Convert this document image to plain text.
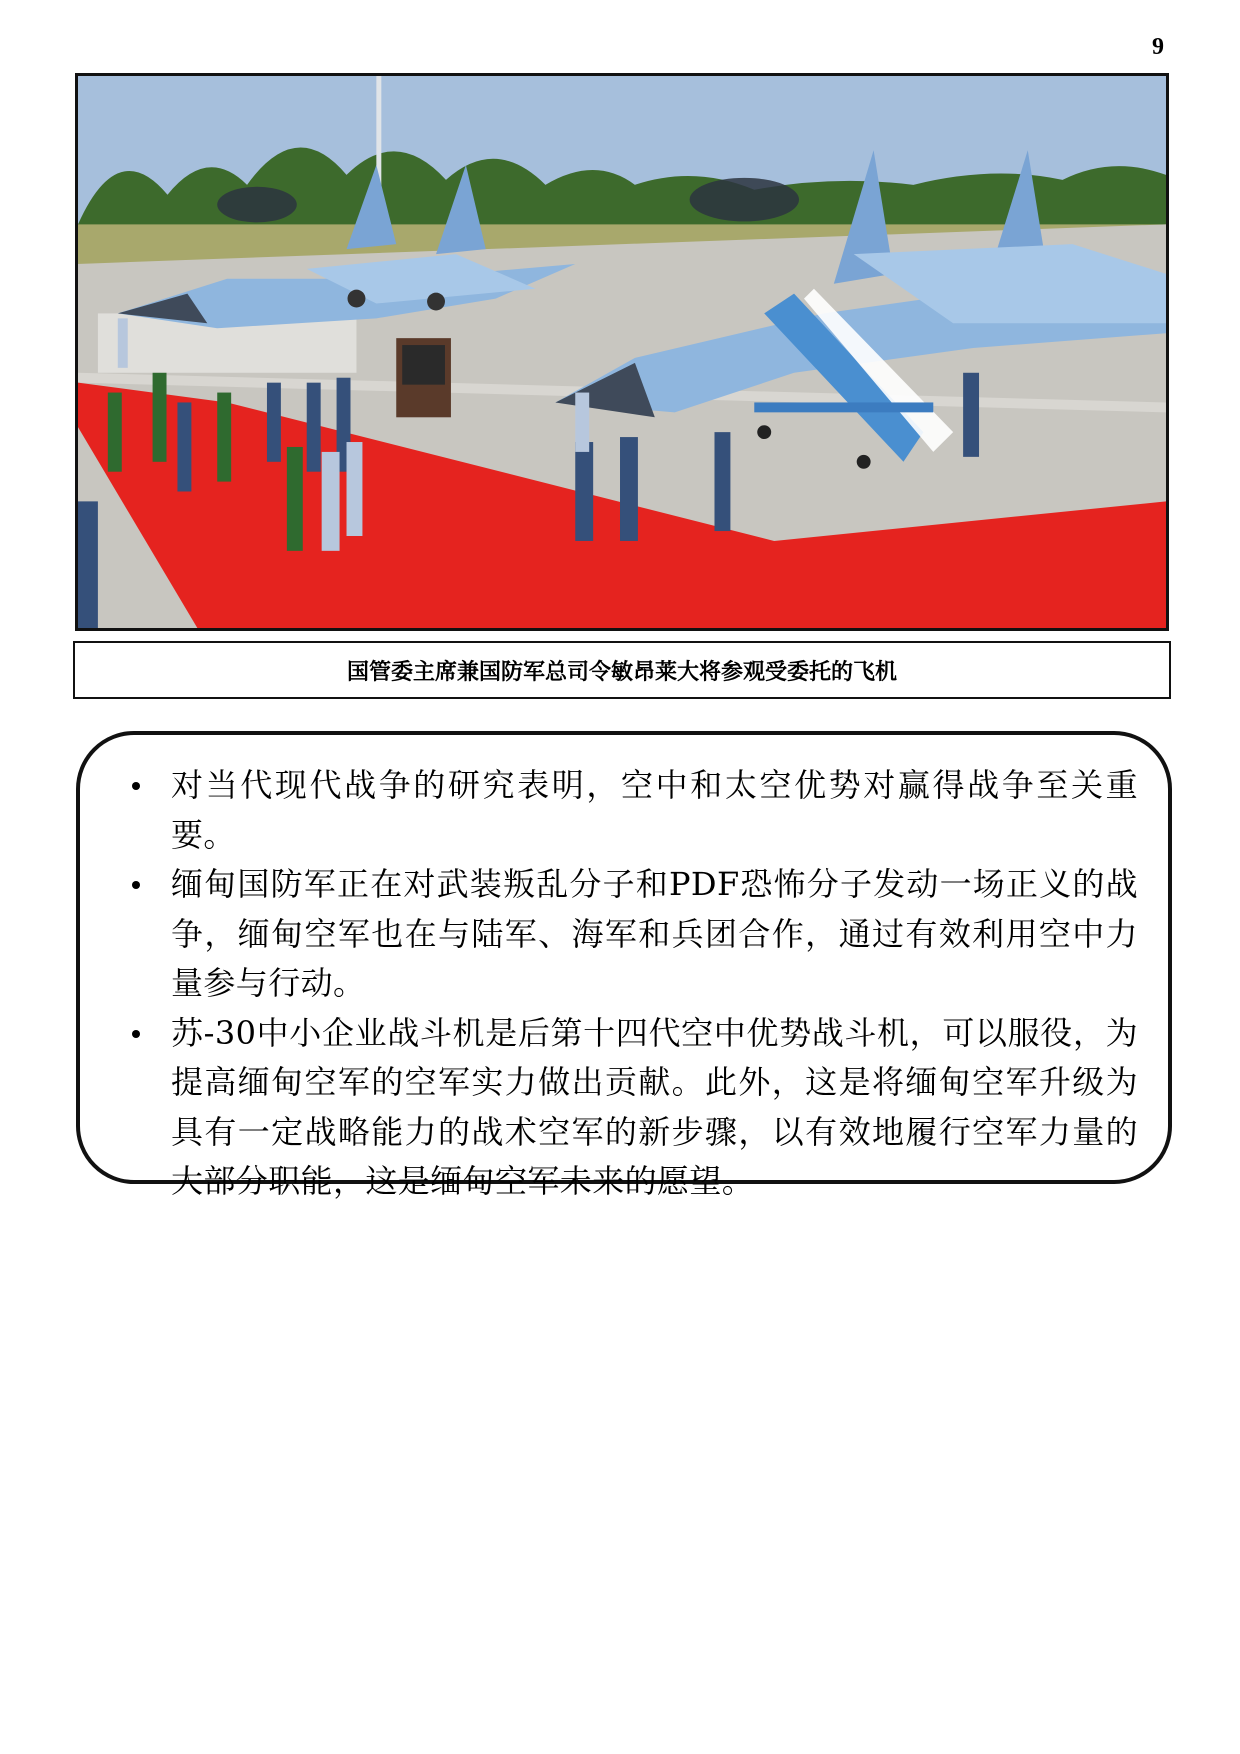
9
国管委主席兼国防军总司令敏昂莱大将参观受委托的飞机
对当代现代战争的研究表明，空中和太空优势对赢得战争至关重要。
缅甸国防军正在对武装叛乱分子和PDF恐怖分子发动一场正义的战争，缅甸空军也在与陆军、海军和兵团合作，通过有效利用空中力量参与行动。
苏-30中小企业战斗机是后第十四代空中优势战斗机，可以服役，为提高缅甸空军的空军实力做出贡献。此外，这是将缅甸空军升级为具有一定战略能力的战术空军的新步骤，以有效地履行空军力量的大部分职能，这是缅甸空军未来的愿望。
